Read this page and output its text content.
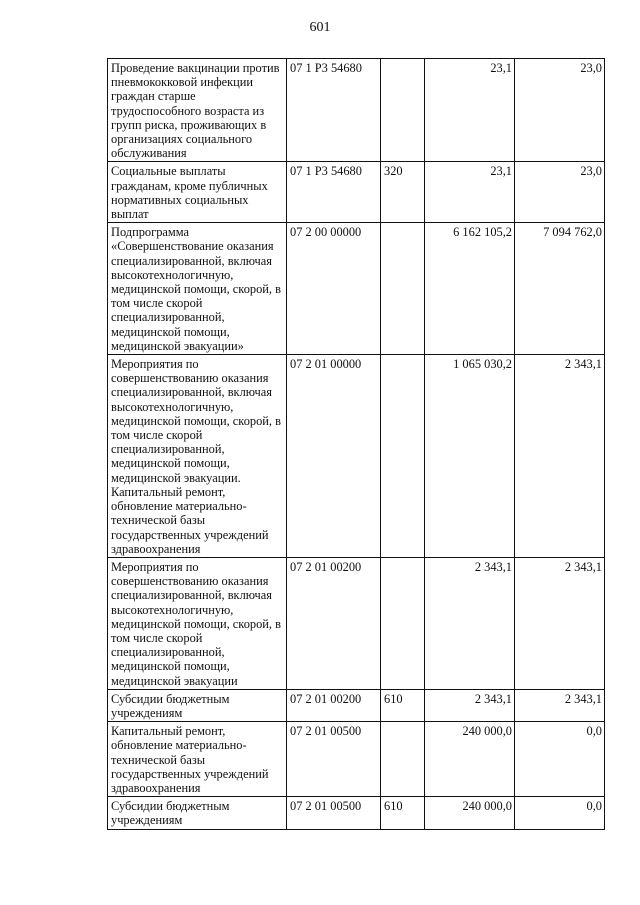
601
Проведение вакцинации против пневмококковой инфекции граждан старше трудоспособного возраста из групп риска, проживающих в организациях социального обслуживания	07 1 P3 54680		23,1	23,0
Социальные выплаты гражданам, кроме публичных нормативных социальных выплат	07 1 P3 54680	320	23,1	23,0
Подпрограмма «Совершенствование оказания специализированной, включая высокотехнологичную, медицинской помощи, скорой, в том числе скорой специализированной, медицинской помощи, медицинской эвакуации»	07 2 00 00000		6 162 105,2	7 094 762,0
Мероприятия по совершенствованию оказания специализированной, включая высокотехнологичную, медицинской помощи, скорой, в том числе скорой специализированной, медицинской помощи, медицинской эвакуации. Капитальный ремонт, обновление материально-технической базы государственных учреждений здравоохранения	07 2 01 00000		1 065 030,2	2 343,1
Мероприятия по совершенствованию оказания специализированной, включая высокотехнологичную, медицинской помощи, скорой, в том числе скорой специализированной, медицинской помощи, медицинской эвакуации	07 2 01 00200		2 343,1	2 343,1
Субсидии бюджетным учреждениям	07 2 01 00200	610	2 343,1	2 343,1
Капитальный ремонт, обновление материально-технической базы государственных учреждений здравоохранения	07 2 01 00500		240 000,0	0,0
Субсидии бюджетным учреждениям	07 2 01 00500	610	240 000,0	0,0
